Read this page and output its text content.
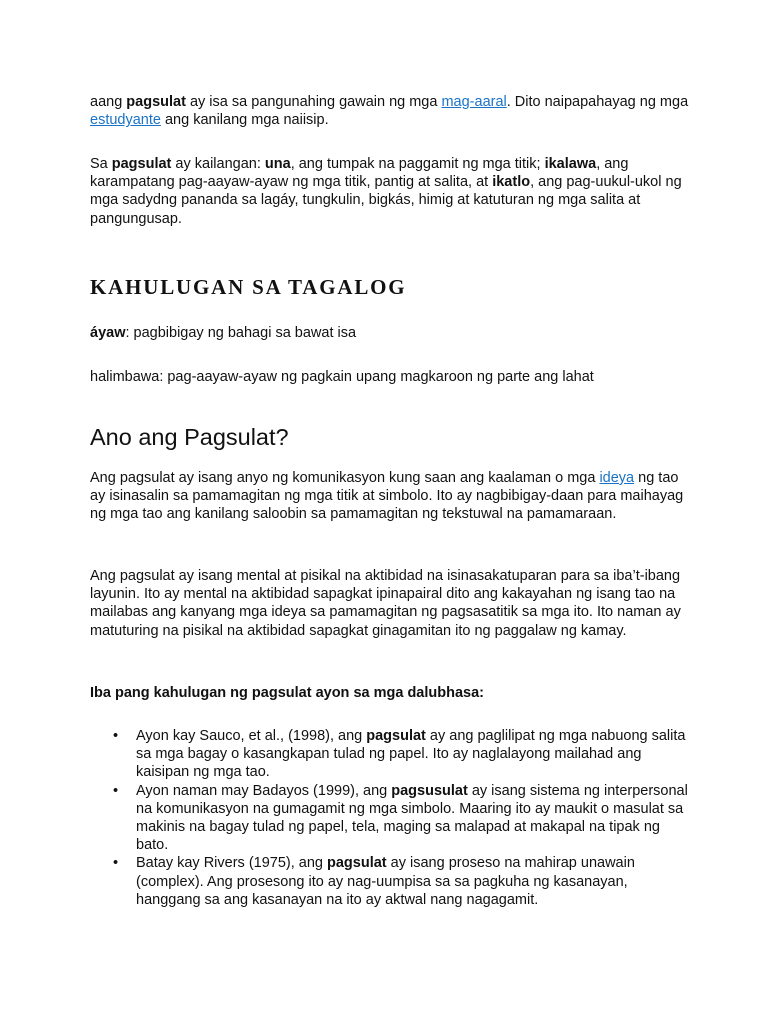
aang pagsulat ay isa sa pangunahing gawain ng mga mag-aaral. Dito naipapahayag ng mga estudyante ang kanilang mga naiisip.

Sa pagsulat ay kailangan: una, ang tumpak na paggamit ng mga titik; ikalawa, ang karampatang pag-aayaw-ayaw ng mga titik, pantig at salita, at ikatlo, ang pag-uukul-ukol ng mga sadydng pananda sa lagáy, tungkulin, bigkás, himig at katuturan ng mga salita at pangungusap.

KAHULUGAN SA TAGALOG

áyaw: pagbibigay ng bahagi sa bawat isa

halimbawa: pag-aayaw-ayaw ng pagkain upang magkaroon ng parte ang lahat

Ano ang Pagsulat?

Ang pagsulat ay isang anyo ng komunikasyon kung saan ang kaalaman o mga ideya ng tao ay isinasalin sa pamamagitan ng mga titik at simbolo. Ito ay nagbibigay-daan para maihayag ng mga tao ang kanilang saloobin sa pamamagitan ng tekstuwal na pamamaraan.

Ang pagsulat ay isang mental at pisikal na aktibidad na isinasakatuparan para sa iba’t-ibang layunin. Ito ay mental na aktibidad sapagkat ipinapairal dito ang kakayahan ng isang tao na mailabas ang kanyang mga ideya sa pamamagitan ng pagsasatitik sa mga ito. Ito naman ay matuturing na pisikal na aktibidad sapagkat ginagamitan ito ng paggalaw ng kamay.

Iba pang kahulugan ng pagsulat ayon sa mga dalubhasa:

• Ayon kay Sauco, et al., (1998), ang pagsulat ay ang paglilipat ng mga nabuong salita sa mga bagay o kasangkapan tulad ng papel. Ito ay naglalayong mailahad ang kaisipan ng mga tao.
• Ayon naman may Badayos (1999), ang pagsusulat ay isang sistema ng interpersonal na komunikasyon na gumagamit ng mga simbolo. Maaring ito ay maukit o masulat sa makinis na bagay tulad ng papel, tela, maging sa malapad at makapal na tipak ng bato.
• Batay kay Rivers (1975), ang pagsulat ay isang proseso na mahirap unawain (complex). Ang prosesong ito ay nag-uumpisa sa sa pagkuha ng kasanayan, hanggang sa ang kasanayan na ito ay aktwal nang nagagamit.
